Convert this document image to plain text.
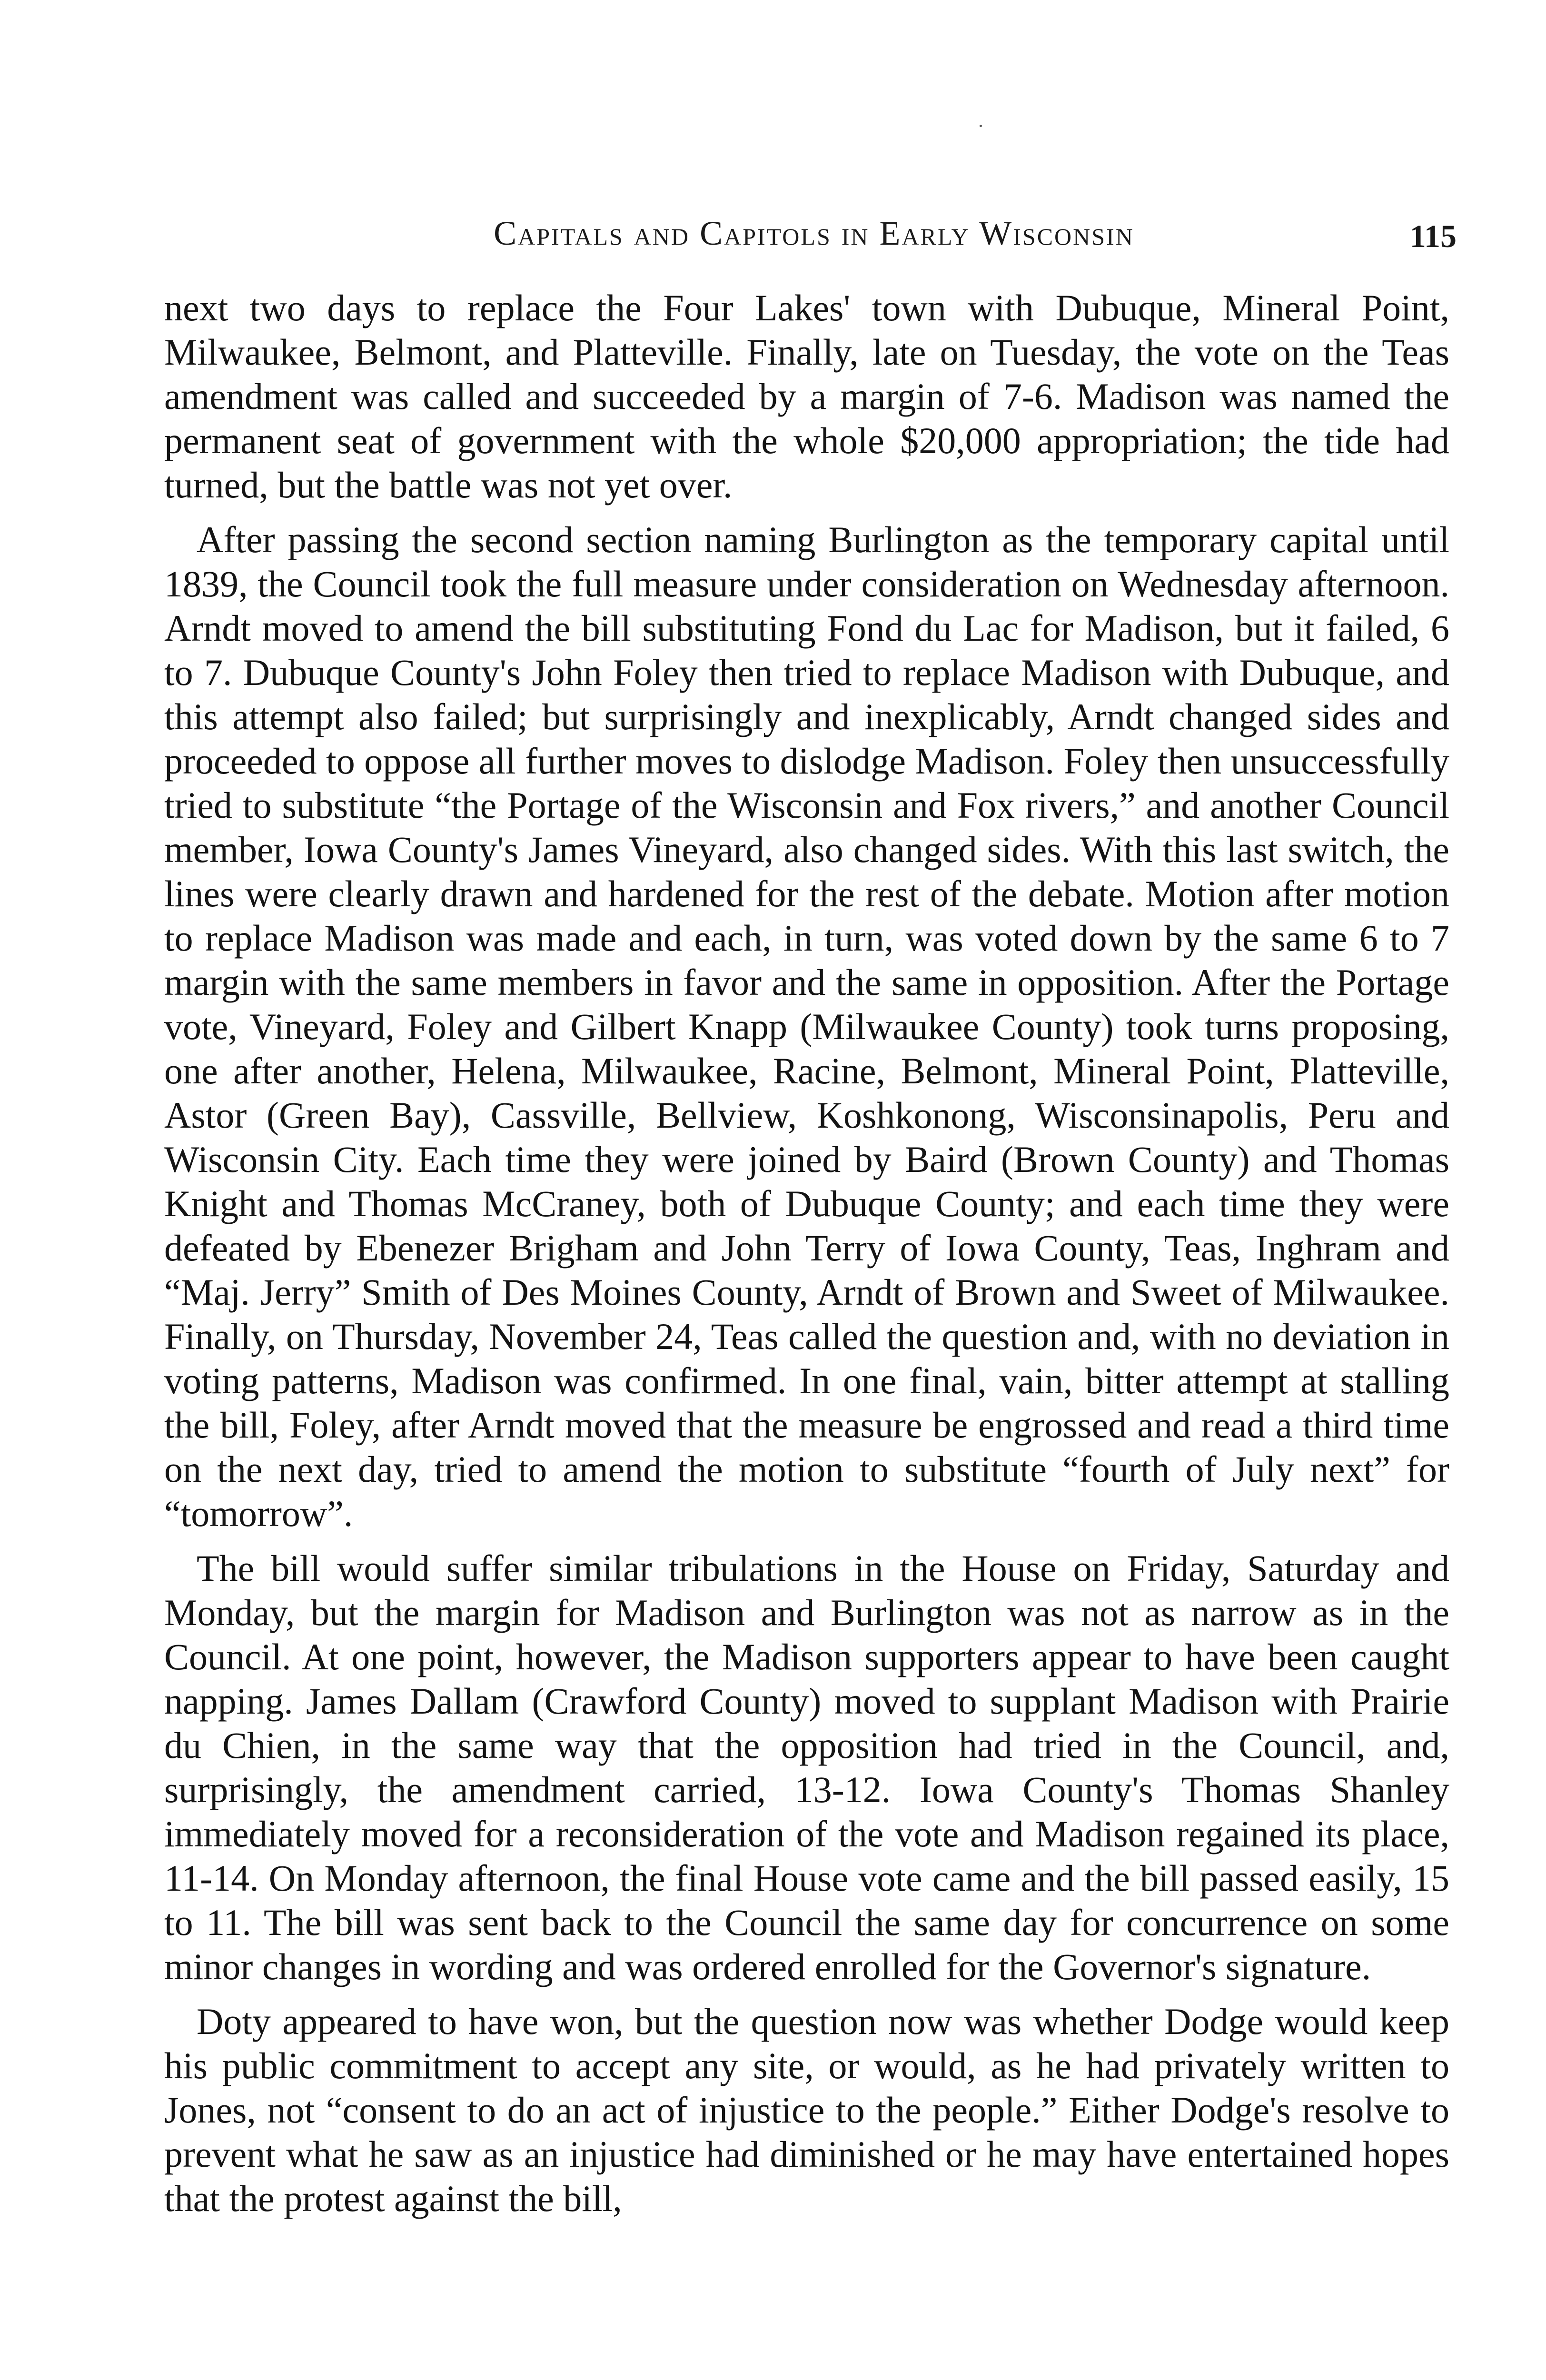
Capitals and Capitols in Early Wisconsin	115

next two days to replace the Four Lakes' town with Dubuque, Mineral Point, Milwaukee, Belmont, and Platteville. Finally, late on Tuesday, the vote on the Teas amendment was called and succeeded by a margin of 7-6. Madison was named the permanent seat of government with the whole $20,000 appropriation; the tide had turned, but the battle was not yet over.

After passing the second section naming Burlington as the temporary capital until 1839, the Council took the full measure under consideration on Wednesday afternoon. Arndt moved to amend the bill substituting Fond du Lac for Madison, but it failed, 6 to 7. Dubuque County's John Foley then tried to replace Madison with Dubuque, and this attempt also failed; but surprisingly and inexplicably, Arndt changed sides and proceeded to oppose all further moves to dislodge Madison. Foley then unsuccessfully tried to substitute “the Portage of the Wisconsin and Fox rivers,” and another Council member, Iowa County's James Vineyard, also changed sides. With this last switch, the lines were clearly drawn and hardened for the rest of the debate. Motion after motion to replace Madison was made and each, in turn, was voted down by the same 6 to 7 margin with the same members in favor and the same in opposition. After the Portage vote, Vineyard, Foley and Gilbert Knapp (Milwaukee County) took turns proposing, one after another, Helena, Milwaukee, Racine, Belmont, Mineral Point, Platteville, Astor (Green Bay), Cassville, Bellview, Koshkonong, Wisconsinapolis, Peru and Wisconsin City. Each time they were joined by Baird (Brown County) and Thomas Knight and Thomas McCraney, both of Dubuque County; and each time they were defeated by Ebenezer Brigham and John Terry of Iowa County, Teas, Inghram and “Maj. Jerry” Smith of Des Moines County, Arndt of Brown and Sweet of Milwaukee. Finally, on Thursday, November 24, Teas called the question and, with no deviation in voting patterns, Madison was confirmed. In one final, vain, bitter attempt at stalling the bill, Foley, after Arndt moved that the measure be engrossed and read a third time on the next day, tried to amend the motion to substitute “fourth of July next” for “tomorrow”.

The bill would suffer similar tribulations in the House on Friday, Saturday and Monday, but the margin for Madison and Burlington was not as narrow as in the Council. At one point, however, the Madison supporters appear to have been caught napping. James Dallam (Crawford County) moved to supplant Madison with Prairie du Chien, in the same way that the opposition had tried in the Council, and, surprisingly, the amendment carried, 13-12. Iowa County's Thomas Shanley immediately moved for a reconsideration of the vote and Madison regained its place, 11-14. On Monday afternoon, the final House vote came and the bill passed easily, 15 to 11. The bill was sent back to the Council the same day for concurrence on some minor changes in wording and was ordered enrolled for the Governor's signature.

Doty appeared to have won, but the question now was whether Dodge would keep his public commitment to accept any site, or would, as he had privately written to Jones, not “consent to do an act of injustice to the people.” Either Dodge's resolve to prevent what he saw as an injustice had diminished or he may have entertained hopes that the protest against the bill,
